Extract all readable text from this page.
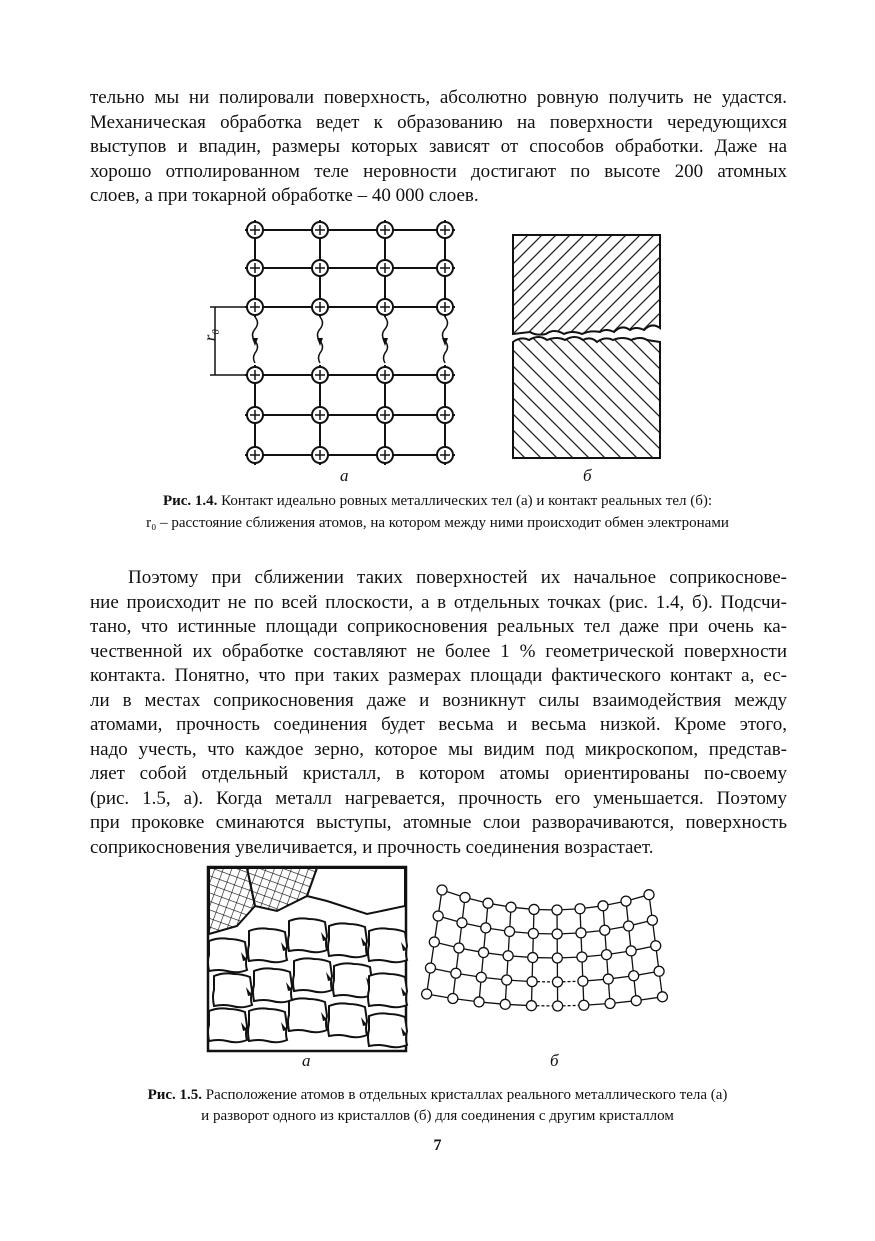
тельно мы ни полировали поверхность, абсолютно ровную получить не удастся.
Механическая обработка ведет к образованию на поверхности чередующихся
выступов и впадин, размеры которых зависят от способов обработки. Даже на
хорошо отполированном теле неровности достигают по высоте 200 атомных
слоев, а при токарной обработке – 40 000 слоев.
r₀
а	б
Рис. 1.4. Контакт идеально ровных металлических тел (а) и контакт реальных тел (б):
r₀ – расстояние сближения атомов, на котором между ними происходит обмен электронами
Поэтому при сближении таких поверхностей их начальное соприкоснове-
ние происходит не по всей плоскости, а в отдельных точках (рис. 1.4, б). Подсчи-
тано, что истинные площади соприкосновения реальных тел даже при очень ка-
чественной их обработке составляют не более 1 % геометрической поверхности
контакта. Понятно, что при таких размерах площади фактического контакт а, ес-
ли в местах соприкосновения даже и возникнут силы взаимодействия между
атомами, прочность соединения будет весьма и весьма низкой. Кроме этого,
надо учесть, что каждое зерно, которое мы видим под микроскопом, представ-
ляет собой отдельный кристалл, в котором атомы ориентированы по-своему
(рис. 1.5, а). Когда металл нагревается, прочность его уменьшается. Поэтому
при проковке сминаются выступы, атомные слои разворачиваются, поверхность
соприкосновения увеличивается, и прочность соединения возрастает.
а	б
Рис. 1.5. Расположение атомов в отдельных кристаллах реального металлического тела (а)
и разворот одного из кристаллов (б) для соединения с другим кристаллом
7
